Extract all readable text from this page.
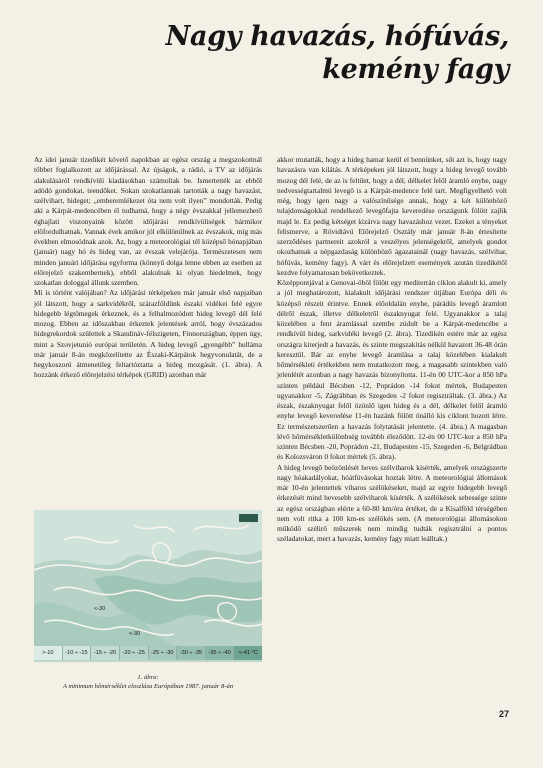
Nagy havazás, hófúvás,
kemény fagy

Az idei január tizedikét követő napokban az egész ország a megszokottnál többet foglalkozott az időjárással. Az újságok, a rádió, a TV az időjárás alakulásáról rendkívüli kiadásokban számoltak be. Ismertették az ebből adódó gondokat, teendőket. Sokan szokatlannak tartották a nagy havazást, szélvihart, hideget; „emberemlékezet óta nem volt ilyen” mondották. Pedig aki a Kárpát-medencében él tudhatná, hogy a négy évszakkal jellemezhető éghajlati viszonyaink között időjárási rendkívüliségek bármikor előfordulhatnak. Vannak évek amikor jól elkülönülnek az évszakok, míg más években elmosódnak azok. Az, hogy a meteorológiai tél középső hónapjában (január) nagy hó és hideg van, az évszak velejárója. Természetesen nem minden januári időjárása egyforma (könnyű dolga lenne ebben az esetben az előrejelző szakembernek), ebből alakulnak ki olyan hiedelmek, hogy szokatlan dologgal állunk szemben.

Mi is történt valójában? Az időjárási térképeken már január első napjaiban jól látszott, hogy a sarkvidékről, szárazföldünk északi vidékei felé egyre hidegebb légtömegek érkeznek, és a felhalmozódott hideg levegő dél felé mozog. Ebben az időszakban érkeztek jelentések arról, hogy évszázados hidegrekordok születtek a Skandináv-félszigeten, Finnországban, éppen úgy, mint a Szovjetunió európai területén. A hideg levegő „gyengébb” hulláma már január 8-án megközelítette az Északi-Kárpátok hegyvonulatát, de a hegykoszorú átmenetileg feltartóztatta a hideg mozgását. (1. ábra). A hozzánk érkező előrejelzési térképek (GRID) azonban már

<-30
<-30
>-10	-10 ÷ -15	-15 ÷ -20	-20 ÷ -25	-25 ÷ -30	-30 ÷ -35	-35 ÷ -40	<-41 °C
1. ábra:
A minimum hőmérséklet eloszlása Európában 1987. január 8-án

akkor mutatták, hogy a hideg hamar kerül el bennünket, sőt azt is, hogy nagy havazásra van kilátás. A térképeken jól látszott, hogy a hideg levegő tovább mozog dél felé, de az is feltűnt, hogy a dél, délkelet felől áramló enyhe, nagy nedvességtartalmú levegő is a Kárpát-medence felé tart. Megfigyelhető volt még, hogy igen nagy a valószínűsége annak, hogy a két különböző tulajdonságokkal rendelkező levegőfajta keveredése országunk fölött zajlik majd le. Ez pedig kétséget kizárva nagy havazáshoz vezet. Ezeket a tényeket felismerve, a Rövidtávú Előrejelző Osztály már január 8-án értesítette szerződéses partnereit azokról a veszélyes jelenségekről, amelyek gondot okozhatnak a népgazdaság különböző ágazatainál (nagy havazás, szélvihar, hófúvás, kemény fagy). A várt és előrejelzett események azután tizedikétől kezdve folyamatosan bekövetkeztek.

Középpontjával a Genovai-öböl fölött egy mediterrán ciklon alakult ki, amely a jól meghatározott, kialakult időjárási rendszer útjában Európa déli és középső részeit érintve. Ennek előoldalán enyhe, párádús levegő áramlott délről észak, illetve délkeletről északnyugat felé. Ugyanakkor a talaj közelében a fent áramlással szembe zúdult be a Kárpát-medencébe a rendkívül hideg, sarkvidéki levegő (2. ábra). Tizedikén estére már az egész országra kiterjedt a havazás, és szinte megszakítás nélkül havazott 36-48 órán keresztül. Bár az enyhe levegő áramlása a talaj közelében kialakult hőmérsékleti értékekben nem mutatkozott meg, a magasabb szintekben való jelenlétét azonban a nagy havazás bizonyította. 11-én 00 UTC-kor a 850 hPa szinten például Bécsben -12, Poprádon -14 fokot mértek, Budapesten ugyanakkor -5, Zágrábban és Szegeden -2 fokot regisztráltak. (3. ábra.) Az észak, északnyugat felől özönlő igen hideg és a dél, délkelet felől áramló enyhe levegő keveredése 11-én hazánk fölött önálló kis ciklont hozott létre. Ez természetszerűen a havazás folytatását jelentette. (4. ábra.) A magasban lévő hőmérsékletkülönbség továbbb éleződött. 12-én 00 UTC-kor a 850 hPa szinten Bécsben -20, Poprádon -21, Budapesten -15, Szegeden -6, Belgrádban és Kolozsváron 0 fokot mértek (5. ábra).

A hideg levegő beözönlését heves szélviharok kísérték, amelyek országszerte nagy hóakadályokat, hóátfúvásokat hoztak létre. A meteorológiai állomások már 10-én jelentettek viharos szélökéseket, majd az egyre hidegebb levegő érkezését mind hevesebb szélviharok kísérték. A szélökések sebessége szinte az egész országban elérte a 60-80 km/óra értéket, de a Kisalföld térségében nem volt ritka a 100 km-es szélökés sem. (A meteorológiai állomásokon működő szélirő műszerek nem mindig tudták regisztrálni a pontos széladatokat, mert a havazás, kemény fagy miatt leálltak.)

27
